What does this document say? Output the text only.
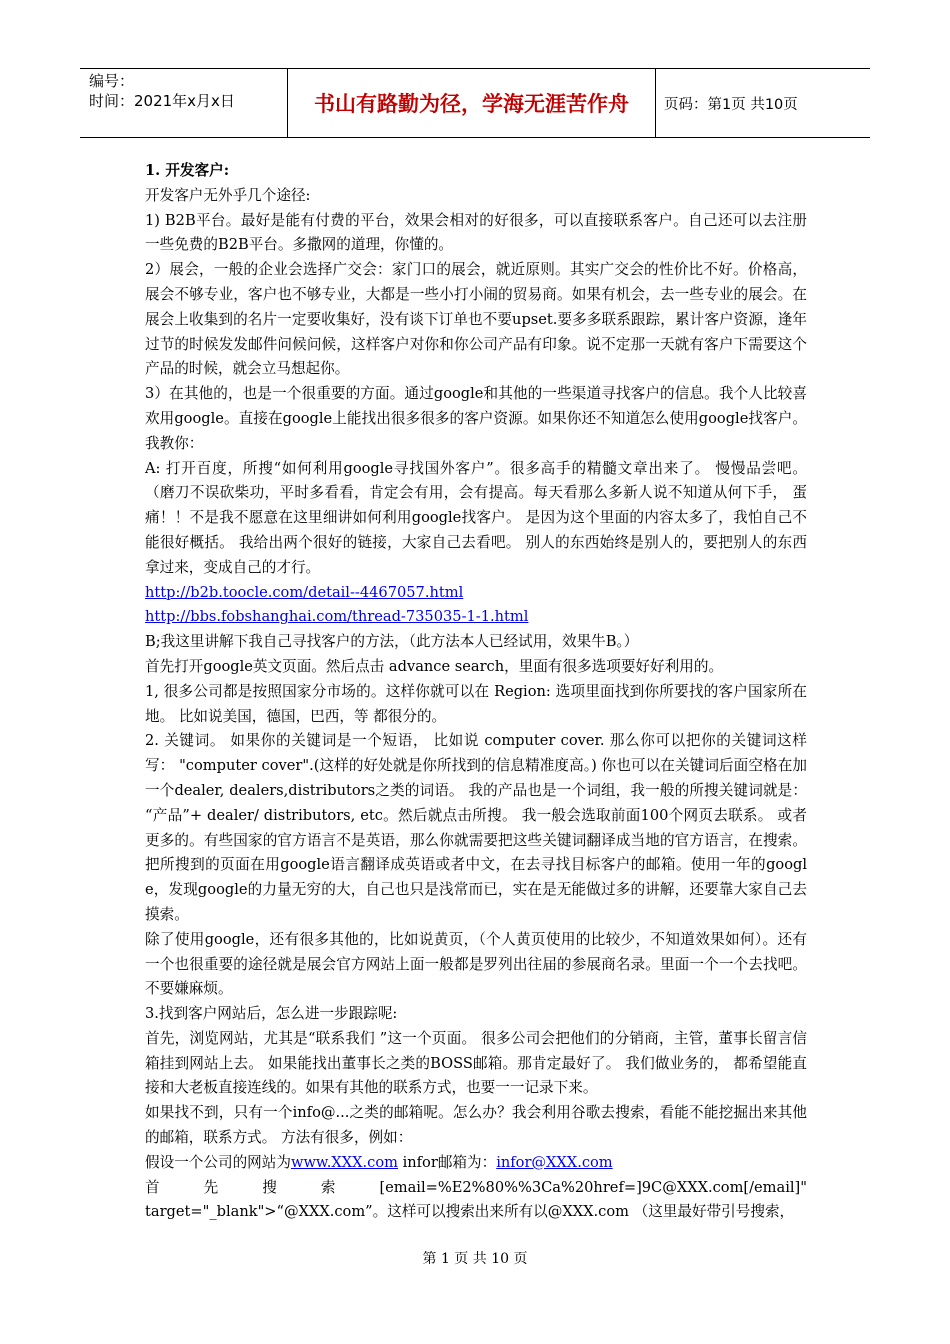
编号：
时间：2021年x月x日	书山有路勤为径，学海无涯苦作舟	页码：第1页 共10页

1. 开发客户:

开发客户无外乎几个途径:

1) B2B平台。最好是能有付费的平台，效果会相对的好很多，可以直接联系客户。自己还可以去注册一些免费的B2B平台。多撒网的道理，你懂的。

2）展会，一般的企业会选择广交会：家门口的展会，就近原则。其实广交会的性价比不好。价格高，展会不够专业，客户也不够专业，大都是一些小打小闹的贸易商。如果有机会，去一些专业的展会。在展会上收集到的名片一定要收集好，没有谈下订单也不要upset.要多多联系跟踪，累计客户资源，逢年过节的时候发发邮件问候问候，这样客户对你和你公司产品有印象。说不定那一天就有客户下需要这个产品的时候，就会立马想起你。

3）在其他的，也是一个很重要的方面。通过google和其他的一些渠道寻找客户的信息。我个人比较喜欢用google。直接在google上能找出很多很多的客户资源。如果你还不知道怎么使用google找客户。我教你：

A: 打开百度，所搜“如何利用google寻找国外客户”。很多高手的精髓文章出来了。 慢慢品尝吧。 （磨刀不误砍柴功，平时多看看，肯定会有用，会有提高。每天看那么多新人说不知道从何下手， 蛋痛！！不是我不愿意在这里细讲如何利用google找客户。 是因为这个里面的内容太多了，我怕自己不能很好概括。 我给出两个很好的链接，大家自己去看吧。 别人的东西始终是别人的，要把别人的东西拿过来，变成自己的才行。

http://b2b.toocle.com/detail--4467057.html

http://bbs.fobshanghai.com/thread-735035-1-1.html

B;我这里讲解下我自己寻找客户的方法，（此方法本人已经试用，效果牛B。）

首先打开google英文页面。然后点击 advance search，里面有很多选项要好好利用的。

1, 很多公司都是按照国家分市场的。这样你就可以在 Region: 选项里面找到你所要找的客户国家所在地。 比如说美国，德国，巴西，等 都很分的。

2. 关键词。 如果你的关键词是一个短语， 比如说 computer cover. 那么你可以把你的关键词这样写： "computer cover".(这样的好处就是你所找到的信息精准度高。) 你也可以在关键词后面空格在加一个dealer, dealers,distributors之类的词语。 我的产品也是一个词组，我一般的所搜关键词就是： “产品”+ dealer/ distributors, etc。然后就点击所搜。 我一般会选取前面100个网页去联系。 或者更多的。有些国家的官方语言不是英语，那么你就需要把这些关键词翻译成当地的官方语言，在搜索。把所搜到的页面在用google语言翻译成英语或者中文，在去寻找目标客户的邮箱。使用一年的google，发现google的力量无穷的大，自己也只是浅常而已，实在是无能做过多的讲解，还要靠大家自己去摸索。

除了使用google，还有很多其他的，比如说黄页，（个人黄页使用的比较少，不知道效果如何）。还有一个也很重要的途径就是展会官方网站上面一般都是罗列出往届的参展商名录。里面一个一个去找吧。不要嫌麻烦。

3.找到客户网站后，怎么进一步跟踪呢:

首先，浏览网站，尤其是“联系我们 ”这一个页面。 很多公司会把他们的分销商，主管，董事长留言信箱挂到网站上去。 如果能找出董事长之类的BOSS邮箱。那肯定最好了。 我们做业务的， 都希望能直接和大老板直接连线的。如果有其他的联系方式，也要一一记录下来。

如果找不到，只有一个info@...之类的邮箱呢。怎么办？我会利用谷歌去搜索，看能不能挖掘出来其他的邮箱，联系方式。 方法有很多，例如：

假设一个公司的网站为www.XXX.com infor邮箱为：infor@XXX.com

首	先	搜	索	[email=%E2%80%%3Ca%20href=]9C@XXX.com[/email]"

target="_blank">“@XXX.com”。这样可以搜索出来所有以@XXX.com （这里最好带引号搜索，

第 1 页 共 10 页
